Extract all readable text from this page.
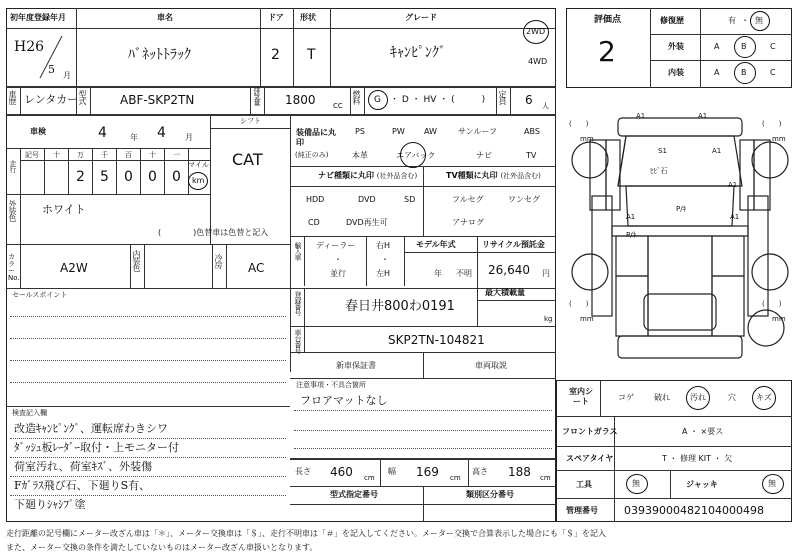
初年度登録年月	車名	ドア 形状	グレード
H26
5 月
ﾊﾞﾈｯﾄﾄﾗｯｸ	2 T	ｷｬﾝﾋﾟﾝｸﾞ
2WD
4WD
車歴 レンタカー 型式	ABF-SKP2TN	排気量 1800 CC
燃料 G ・ D ・ HV ・ (　　　) 定員 6 人
車検	4	年 4 月
シフト
CAT
走行
記号 十 万 千 百 十 一
2 5 0 0 0
マイル
km
外装色 ホワイト
(　　　　)色替車は色替と記入
カラーNo.
A2W	内装色	冷房 AC
セールスポイント
検査記入欄
改造ｷｬﾝﾋﾟﾝｸﾞ、運転席わきシワ
ﾀﾞｯｼｭ板ﾚｰﾀﾞｰ取付・上モニター付
荷室汚れ、荷室ｷｽﾞ、外装傷
Fｶﾞﾗｽ飛び石、下廻りS有、
下廻りｼｬｼﾌﾟ塗
装備品に丸印
(純正のみ)
PS	PW AW	サンルーフ	ABS
本革	エアバック	ナビ	TV
ナビ種類に丸印 (社外品含む)	TV種類に丸印 (社外品含む)
HDD	DVD	SD
CD	DVD再生可
フルセグ	ワンセグ
アナログ
輸入車 ディーラー
・
並行
右H
・
左H
モデル年式
年 不明
リサイクル預託金
26,640 円
登録番号	春日井800わ0191
最大積載量
kg
車台番号	SKP2TN-104821
新車保証書	車両取説
注意事項・不具合箇所
フロアマットなし
長さ 460 cm
幅 169 cm
高さ 188 cm
型式指定番号	類別区分番号
評価点
2
修復歴	有 ・ 無
外装	A	B	C
内装	A	B	C
(　　)	(　　)
(　　)	(　　)
mm	mm
mm	mm
A1	A1
S1	A1
ﾋﾋﾞ石
A1
A1
P/ｷ
A1
P/ｷ
室内シート	コゲ	破れ	汚れ	穴	キズ
フロントガラス	A ・ ×要ス
スペアタイヤ	T ・ 修理 KIT ・ 欠
工具	無	ジャッキ	無
管理番号 03939000482104000498
走行距離の記号欄にメーター改ざん車は「＊」、メーター交換車は「＄」、走行不明車は「＃」を記入してください。メーター交換で合算表示した場合にも「＄」を記入
また、メーター交換の条件を満たしていないものはメーター改ざん車扱いとなります。
